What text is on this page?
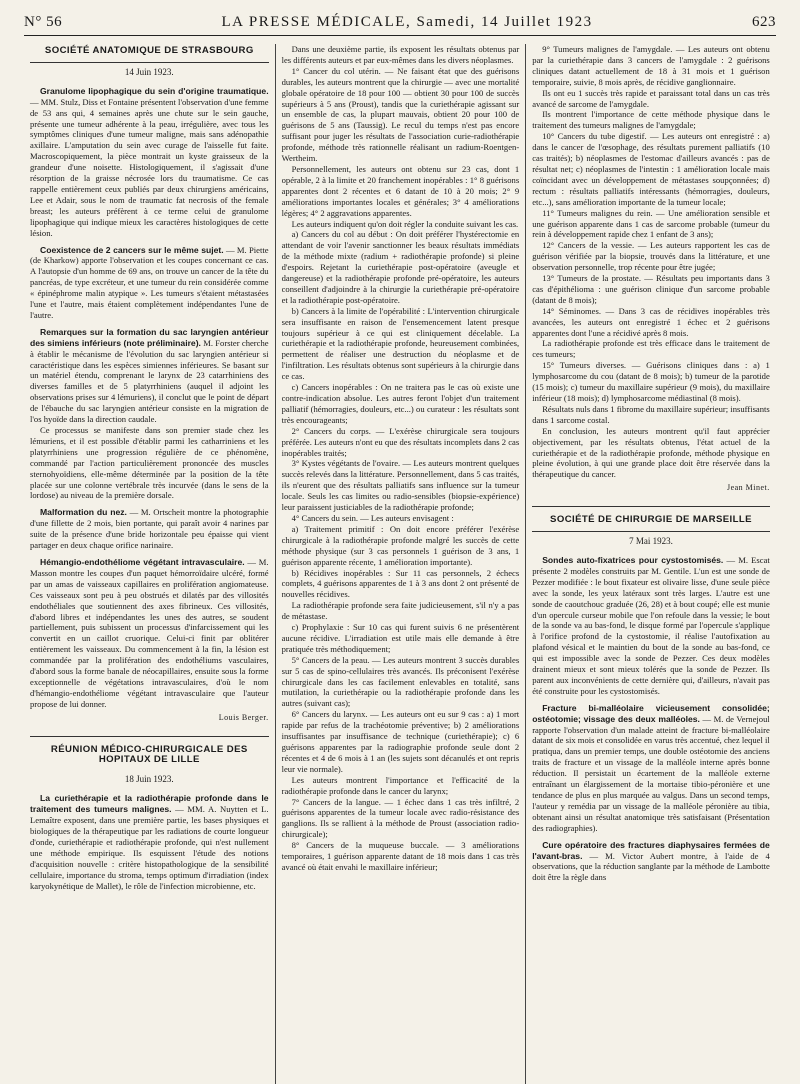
N° 56	LA PRESSE MÉDICALE, Samedi, 14 Juillet 1923	623
SOCIÉTÉ ANATOMIQUE DE STRASBOURG
14 Juin 1923.

Granulome lipophagique du sein d'origine traumatique. — MM. Stulz, Diss et Fontaine présentent l'observation d'une femme de 53 ans qui, 4 semaines après une chute sur le sein gauche, présente une tumeur adhérente à la peau, irrégulière, avec tous les symptômes cliniques d'une tumeur maligne, mais sans adénopathie axillaire. L'amputation du sein avec curage de l'aisselle fut faite. Macroscopiquement, la pièce montrait un kyste graisseux de la grandeur d'une noisette. Histologiquement, il s'agissait d'une résorption de la graisse nécrosée lors du traumatisme. Ce cas rappelle entièrement ceux publiés par deux chirurgiens américains, Lee et Adair, sous le nom de traumatic fat necrosis of the female breast; les auteurs préfèrent à ce terme celui de granulome lipophagique qui indique mieux les caractères histologiques de cette lésion.

Coexistence de 2 cancers sur le même sujet. — M. Piette (de Kharkow) apporte l'observation et les coupes concernant ce cas. A l'autopsie d'un homme de 69 ans, on trouve un cancer de la tête du pancréas, de type excréteur, et une tumeur du rein considérée comme « épinéphrome malin atypique ». Les tumeurs s'étaient métastasées l'une et l'autre, mais étaient complètement indépendantes l'une de l'autre.

Remarques sur la formation du sac laryngien antérieur des simiens inférieurs (note préliminaire). M. Forster cherche à établir le mécanisme de l'évolution du sac laryngien antérieur si caractéristique dans les espèces simiennes inférieures. Se basant sur un matériel étendu, comprenant le larynx de 23 catarrhiniens des diverses familles et de 5 platyrrhiniens (auquel il adjoint les observations prises sur 4 lémuriens), il conclut que le point de départ de l'ébauche du sac laryngien antérieur consiste en la migration de l'os hyoïde dans la direction caudale.

Ce processus se manifeste dans son premier stade chez les lémuriens, et il est possible d'établir parmi les catharriniens et les platyrrhiniens une progression régulière de ce phénomène, commandé par l'action particulièrement prononcée des muscles sternohyoïdiens, elle-même déterminée par la position de la tête placée sur une colonne vertébrale très incurvée (dans le sens de la lordose) au niveau de la première dorsale.

Malformation du nez. — M. Ortscheit montre la photographie d'une fillette de 2 mois, bien portante, qui paraît avoir 4 narines par suite de la présence d'une bride horizontale peu épaisse qui vient partager en deux chaque orifice narinaire.

Hémangio-endothéliome végétant intravasculaire. — M. Masson montre les coupes d'un paquet hémorroïdaire ulcéré, formé par un amas de vaisseaux capillaires en prolifération angiomateuse. Ces vaisseaux sont peu à peu obstrués et dilatés par des villosités endothéliales que soutiennent des axes fibrineux. Ces villosités, d'abord libres et indépendantes les unes des autres, se soudent partiellement, puis subissent un processus d'infarcissement qui les convertit en un caillot cruorique. Celui-ci finit par oblitérer entièrement les vaisseaux. Du commencement à la fin, la lésion est commandée par la prolifération des endothéliums vasculaires, d'abord sous la forme banale de néocapillaires, ensuite sous la forme exceptionnelle de végétations intravasculaires, d'où le nom d'hémangio-endothéliome végétant intravasculaire que l'auteur propose de lui donner.

Louis Berger.

RÉUNION MÉDICO-CHIRURGICALE DES HOPITAUX DE LILLE
18 Juin 1923.

La curiethérapie et la radiothérapie profonde dans le traitement des tumeurs malignes. — MM. A. Nuytten et L. Lemaître exposent, dans une première partie, les bases physiques et biologiques de la thérapeutique par les radiations de courte longueur d'onde, curiethérapie et radiothérapie profonde, qui n'est nullement une méthode empirique. Ils esquissent l'étude des notions d'acquisition nouvelle : critère histopathologique de la sensibilité cellulaire, importance du stroma, temps optimum d'irradiation (index karyokynétique de Mallet), le rôle de l'infection microbienne, etc.

Dans une deuxième partie, ils exposent les résultats obtenus par les différents auteurs et par eux-mêmes dans les divers néoplasmes.

1° Cancer du col utérin. — Ne faisant état que des guérisons durables, les auteurs montrent que la chirurgie — avec une mortalité globale opératoire de 18 pour 100 — obtient 30 pour 100 de succès supérieurs à 5 ans (Proust), tandis que la curiethérapie agissant sur un ensemble de cas, la plupart mauvais, obtient 20 pour 100 de guérisons de 5 ans (Taussig). Le recul du temps n'est pas encore suffisant pour juger les résultats de l'association curie-radiothérapie profonde, méthode très rationnelle réalisant un radium-Roentgen-Wertheim.

Personnellement, les auteurs ont obtenu sur 23 cas, dont 1 opérable, 2 à la limite et 20 franchement inopérables : 1° 8 guérisons apparentes dont 2 récentes et 6 datant de 10 à 20 mois; 2° 9 améliorations importantes locales et générales; 3° 4 améliorations légères; 4° 2 aggravations apparentes.

Les auteurs indiquent qu'on doit régler la conduite suivant les cas.

a) Cancers du col au début : On doit préférer l'hystérectomie en attendant de voir l'avenir sanctionner les beaux résultats immédiats de la méthode mixte (radium + radiothérapie profonde) si pleine d'espoirs. Rejetant la curiethérapie post-opératoire (aveugle et dangereuse) et la radiothérapie profonde pré-opératoire, les auteurs conseillent d'adjoindre à la chirurgie la curiethérapie pré-opératoire et la radiothérapie post-opératoire.

b) Cancers à la limite de l'opérabilité : L'intervention chirurgicale sera insuffisante en raison de l'ensemencement latent presque toujours supérieur à ce qui est cliniquement décelable. La curiethérapie et la radiothérapie profonde, heureusement combinées, permettent de réaliser une destruction du néoplasme et de l'infiltration. Les résultats obtenus sont supérieurs à la chirurgie dans ce cas.

c) Cancers inopérables : On ne traitera pas le cas où existe une contre-indication absolue. Les autres feront l'objet d'un traitement palliatif (hémorragies, douleurs, etc...) ou curateur : les résultats sont très encourageants;

2° Cancers du corps. — L'exérèse chirurgicale sera toujours préférée. Les auteurs n'ont eu que des résultats incomplets dans 2 cas inopérables traités;

3° Kystes végétants de l'ovaire. — Les auteurs montrent quelques succès relevés dans la littérature. Personnellement, dans 5 cas traités, ils n'eurent que des résultats palliatifs sans influence sur la tumeur locale. Seuls les cas limites ou radio-sensibles (biopsie-expérience) leur paraissent justiciables de la radiothérapie profonde;

4° Cancers du sein. — Les auteurs envisagent :

a) Traitement primitif : On doit encore préférer l'exérèse chirurgicale à la radiothérapie profonde malgré les succès de cette méthode physique (sur 3 cas personnels 1 guérison de 3 ans, 1 guérison apparente récente, 1 amélioration importante).

b) Récidives inopérables : Sur 11 cas personnels, 2 échecs complets, 4 guérisons apparentes de 1 à 3 ans dont 2 ont présenté de nouvelles récidives.

La radiothérapie profonde sera faite judicieusement, s'il n'y a pas de métastase.

c) Prophylaxie : Sur 10 cas qui furent suivis 6 ne présentèrent aucune récidive. L'irradiation est utile mais elle demande à être pratiquée très méthodiquement;

5° Cancers de la peau. — Les auteurs montrent 3 succès durables sur 5 cas de spino-cellulaires très avancés. Ils préconisent l'exérèse chirurgicale dans les cas facilement enlevables en totalité, sans mutilation, la curiethérapie ou la radiothérapie profonde dans les autres (suivant cas);

6° Cancers du larynx. — Les auteurs ont eu sur 9 cas : a) 1 mort rapide par refus de la trachéotomie préventive; b) 2 améliorations insuffisantes par insuffisance de technique (curiethérapie); c) 6 guérisons apparentes par la radiographie profonde seule dont 2 récentes et 4 de 6 mois à 1 an (les sujets sont décanulés et ont repris leur vie normale).

Les auteurs montrent l'importance et l'efficacité de la radiothérapie profonde dans le cancer du larynx;

7° Cancers de la langue. — 1 échec dans 1 cas très infiltré, 2 guérisons apparentes de la tumeur locale avec radio-résistance des ganglions. Ils se rallient à la méthode de Proust (association radio-chirurgicale);

8° Cancers de la muqueuse buccale. — 3 améliorations temporaires, 1 guérison apparente datant de 18 mois dans 1 cas très avancé où était envahi le maxillaire inférieur;

9° Tumeurs malignes de l'amygdale. — Les auteurs ont obtenu par la curiethérapie dans 3 cancers de l'amygdale : 2 guérisons cliniques datant actuellement de 18 à 31 mois et 1 guérison temporaire, suivie, 8 mois après, de récidive ganglionnaire.

Ils ont eu 1 succès très rapide et paraissant total dans un cas très avancé de sarcome de l'amygdale.

Ils montrent l'importance de cette méthode physique dans le traitement des tumeurs malignes de l'amygdale;

10° Cancers du tube digestif. — Les auteurs ont enregistré : a) dans le cancer de l'œsophage, des résultats purement palliatifs (10 cas traités); b) néoplasmes de l'estomac d'ailleurs avancés : pas de résultat net; c) néoplasmes de l'intestin : 1 amélioration locale mais coïncidant avec un développement de métastases soupçonnées; d) rectum : résultats palliatifs intéressants (hémorragies, douleurs, etc...), sans amélioration importante de la tumeur locale;

11° Tumeurs malignes du rein. — Une amélioration sensible et une guérison apparente dans 1 cas de sarcome probable (tumeur du rein à développement rapide chez 1 enfant de 3 ans);

12° Cancers de la vessie. — Les auteurs rapportent les cas de guérison vérifiée par la biopsie, trouvés dans la littérature, et une observation personnelle, trop récente pour être jugée;

13° Tumeurs de la prostate. — Résultats peu importants dans 3 cas d'épithélioma : une guérison clinique d'un sarcome probable (datant de 8 mois);

14° Séminomes. — Dans 3 cas de récidives inopérables très avancées, les auteurs ont enregistré 1 échec et 2 guérisons apparentes dont l'une a récidivé après 8 mois.

La radiothérapie profonde est très efficace dans le traitement de ces tumeurs;

15° Tumeurs diverses. — Guérisons cliniques dans : a) 1 lymphosarcome du cou (datant de 8 mois); b) tumeur de la parotide (15 mois); c) tumeur du maxillaire supérieur (9 mois), du maxillaire inférieur (18 mois); d) lymphosarcome médiastinal (8 mois).

Résultats nuls dans 1 fibrome du maxillaire supérieur; insuffisants dans 1 sarcome costal.

En conclusion, les auteurs montrent qu'il faut apprécier objectivement, par les résultats obtenus, l'état actuel de la curiethérapie et de la radiothérapie profonde, méthode physique en pleine évolution, à qui une grande place doit être réservée dans la thérapeutique du cancer.

Jean Minet.

SOCIÉTÉ DE CHIRURGIE DE MARSEILLE
7 Mai 1923.

Sondes auto-fixatrices pour cystostomisés. — M. Escat présente 2 modèles construits par M. Gentile. L'un est une sonde de Pezzer modifiée : le bout fixateur est olivaire lisse, d'une seule pièce avec la sonde, les yeux latéraux sont très larges. L'autre est une sonde de caoutchouc graduée (26, 28) et à bout coupé; elle est munie d'un opercule curseur mobile que l'on refoule dans la vessie; le bout de la sonde va au bas-fond, le disque formé par l'opercule s'applique à l'orifice profond de la cystostomie, il réalise l'autofixation au plafond vésical et le maintien du bout de la sonde au bas-fond, ce qui est impossible avec la sonde de Pezzer. Ces deux modèles drainent mieux et sont mieux tolérés que la sonde de Pezzer. Ils parent aux inconvénients de cette dernière qui, d'ailleurs, n'avait pas été construite pour les cystostomisés.

Fracture bi-malléolaire vicieusement consolidée; ostéotomie; vissage des deux malléoles. — M. de Vernejoul rapporte l'observation d'un malade atteint de fracture bi-malléolaire datant de six mois et consolidée en varus très accentué, chez lequel il pratiqua, dans un premier temps, une double ostéotomie des anciens traits de fracture et un vissage de la malléole interne après bonne réduction. Il persistait un écartement de la malléole externe entraînant un élargissement de la mortaise tibio-péronière et une tendance de plus en plus marquée au valgus. Dans un second temps, l'auteur y remédia par un vissage de la malléole péronière au tibia, obtenant ainsi un résultat anatomique très satisfaisant (Présentation des radiographies).

Cure opératoire des fractures diaphysaires fermées de l'avant-bras. — M. Victor Aubert montre, à l'aide de 4 observations, que la réduction sanglante par la méthode de Lambotte doit être la règle dans
